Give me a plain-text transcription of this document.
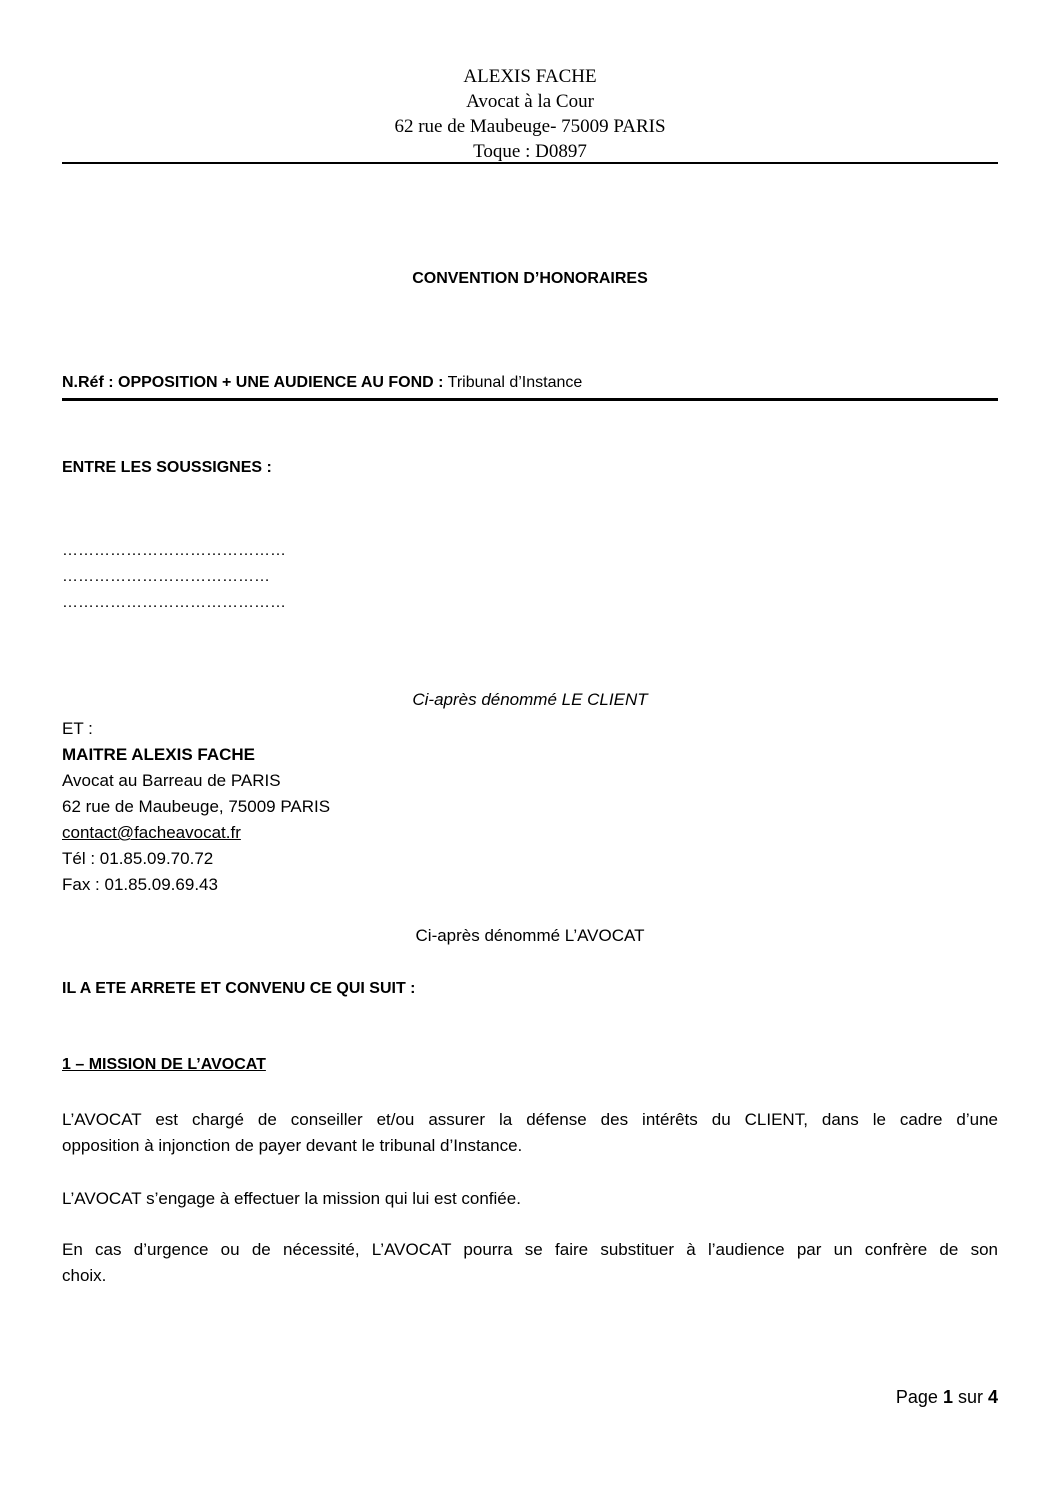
ALEXIS FACHE
Avocat à la Cour
62 rue de Maubeuge- 75009 PARIS
Toque : D0897
CONVENTION D’HONORAIRES
N.Réf : OPPOSITION + UNE AUDIENCE AU FOND : Tribunal d’Instance
ENTRE LES SOUSSIGNES :
……………………………………
…………………………………
……………………………………
Ci-après dénommé LE CLIENT
ET :
MAITRE ALEXIS FACHE
Avocat au Barreau de PARIS
62 rue de Maubeuge, 75009 PARIS
contact@facheavocat.fr
Tél : 01.85.09.70.72
Fax : 01.85.09.69.43
Ci-après dénommé L’AVOCAT
IL A ETE ARRETE ET CONVENU CE QUI SUIT :
1 – MISSION DE L’AVOCAT
L’AVOCAT est chargé de conseiller et/ou assurer la défense des intérêts du CLIENT, dans le cadre d’une
opposition à injonction de payer devant le tribunal d’Instance.
L’AVOCAT s’engage à effectuer la mission qui lui est confiée.
En cas d’urgence ou de nécessité, L’AVOCAT pourra se faire substituer à l’audience par un confrère de son
choix.
Page 1 sur 4
